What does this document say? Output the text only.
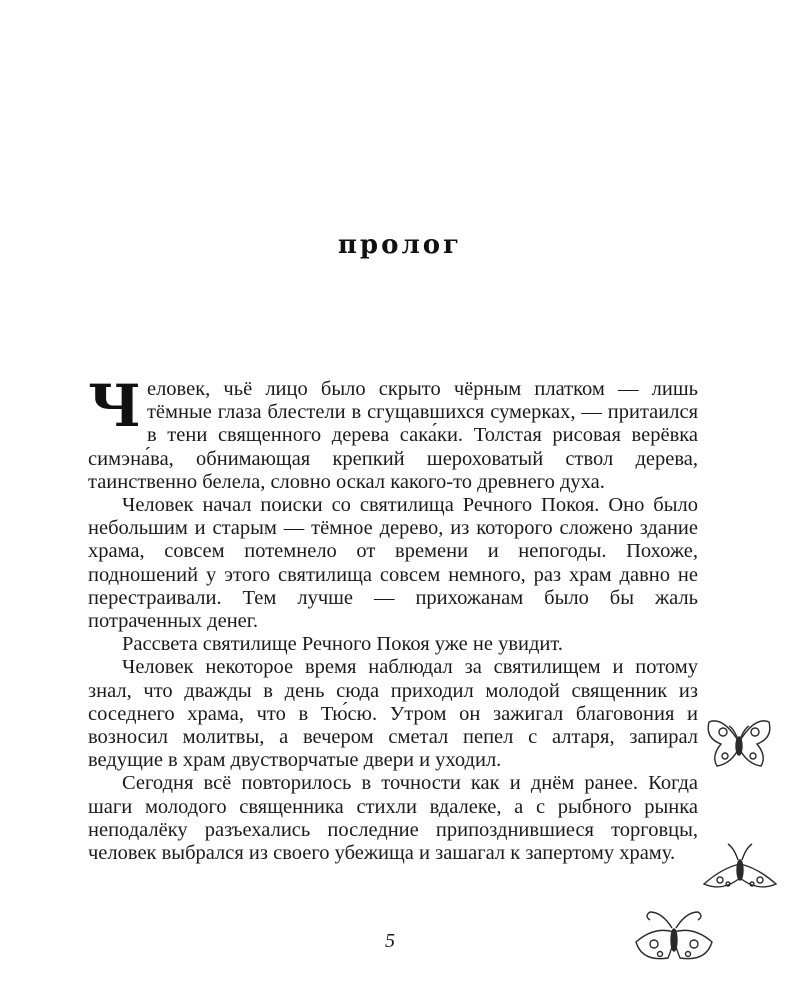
пролог

Человек, чьё лицо было скрыто чёрным платком — лишь тёмные глаза блестели в сгущавшихся сумерках, — притаился в тени священного дерева сака́ки. Толстая рисовая верёвка симэна́ва, обнимающая крепкий шероховатый ствол дерева, таинственно белела, словно оскал какого-то древнего духа.

Человек начал поиски со святилища Речного Покоя. Оно было небольшим и старым — тёмное дерево, из которого сложено здание храма, совсем потемнело от времени и непогоды. Похоже, подношений у этого святилища совсем немного, раз храм давно не перестраивали. Тем лучше — прихожанам было бы жаль потраченных денег.

Рассвета святилище Речного Покоя уже не увидит.

Человек некоторое время наблюдал за святилищем и потому знал, что дважды в день сюда приходил молодой священник из соседнего храма, что в Тю́сю. Утром он зажигал благовония и возносил молитвы, а вечером сметал пепел с алтаря, запирал ведущие в храм двустворчатые двери и уходил.

Сегодня всё повторилось в точности как и днём ранее. Когда шаги молодого священника стихли вдалеке, а с рыбного рынка неподалёку разъехались последние припозднившиеся торговцы, человек выбрался из своего убежища и зашагал к запертому храму.

5
